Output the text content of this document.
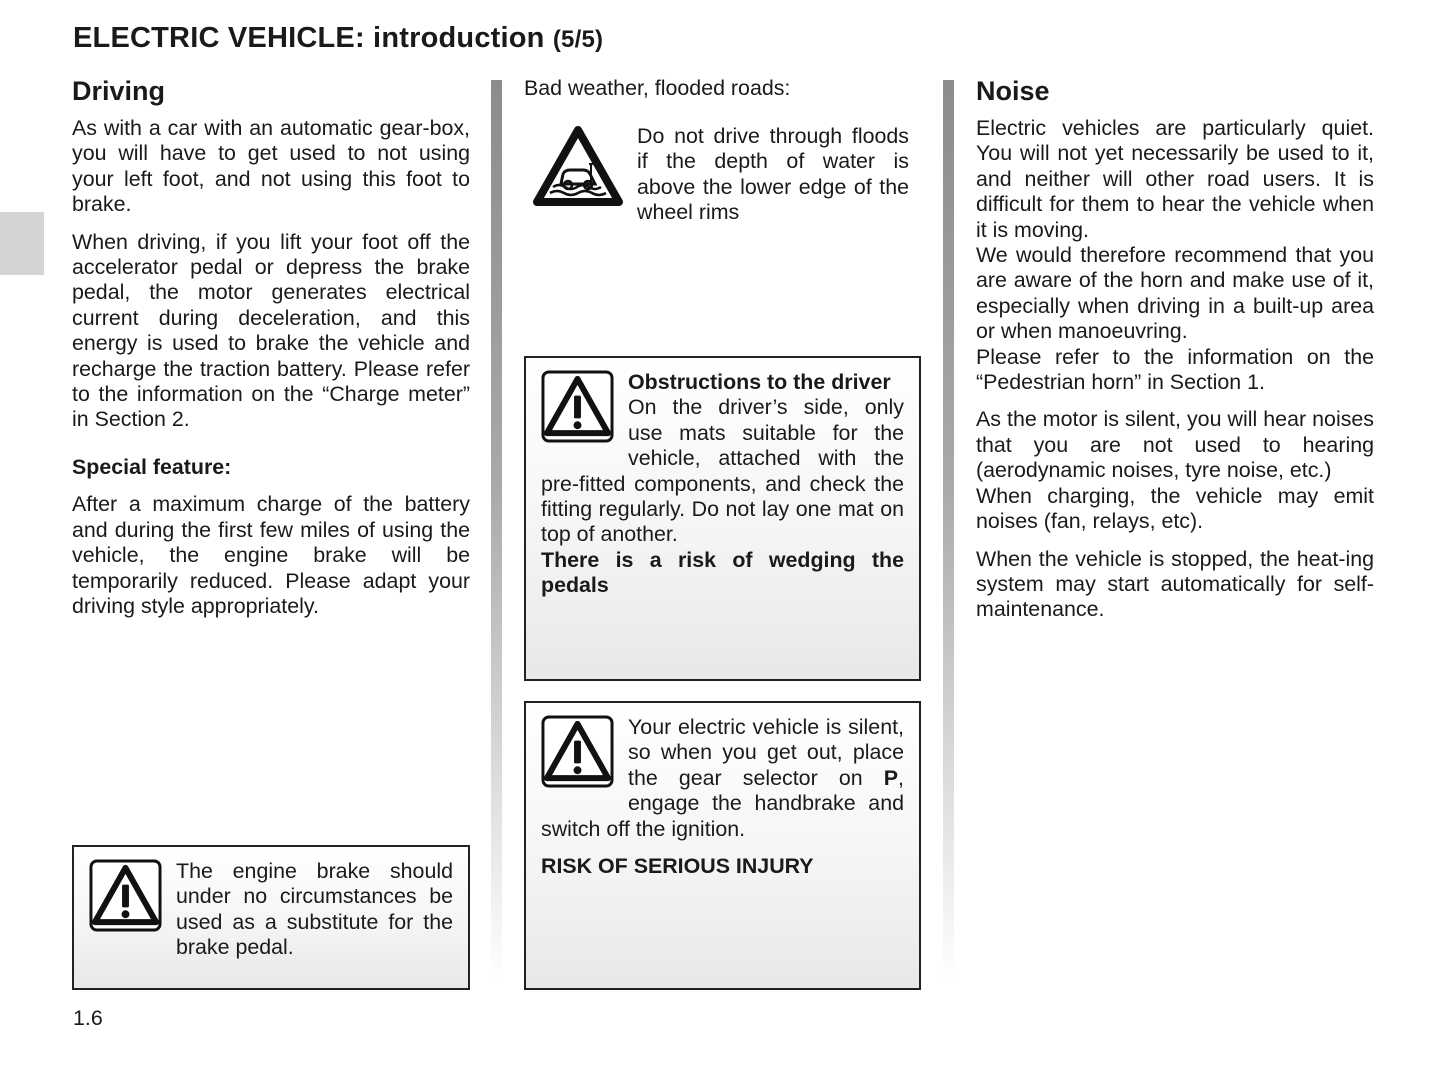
ELECTRIC VEHICLE: introduction (5/5)
Driving

As with a car with an automatic gear-box, you will have to get used to not using your left foot, and not using this foot to brake.

When driving, if you lift your foot off the accelerator pedal or depress the brake pedal, the motor generates electrical current during deceleration, and this energy is used to brake the vehicle and recharge the traction battery. Please refer to the information on the “Charge meter” in Section 2.

Special feature:

After a maximum charge of the battery and during the first few miles of using the vehicle, the engine brake will be temporarily reduced. Please adapt your driving style appropriately.

The engine brake should under no circumstances be used as a substitute for the brake pedal.

Bad weather, flooded roads:

Do not drive through floods if the depth of water is above the lower edge of the wheel rims

Obstructions to the driver

On the driver’s side, only use mats suitable for the vehicle, attached with the pre-fitted components, and check the fitting regularly. Do not lay one mat on top of another.

There is a risk of wedging the pedals

Your electric vehicle is silent, so when you get out, place the gear selector on P, engage the handbrake and switch off the ignition.

RISK OF SERIOUS INJURY

Noise

Electric vehicles are particularly quiet. You will not yet necessarily be used to it, and neither will other road users. It is difficult for them to hear the vehicle when it is moving.

We would therefore recommend that you are aware of the horn and make use of it, especially when driving in a built-up area or when manoeuvring.

Please refer to the information on the “Pedestrian horn” in Section 1.

As the motor is silent, you will hear noises that you are not used to hearing (aerodynamic noises, tyre noise, etc.)

When charging, the vehicle may emit noises (fan, relays, etc).

When the vehicle is stopped, the heat-ing system may start automatically for self-maintenance.

1.6
